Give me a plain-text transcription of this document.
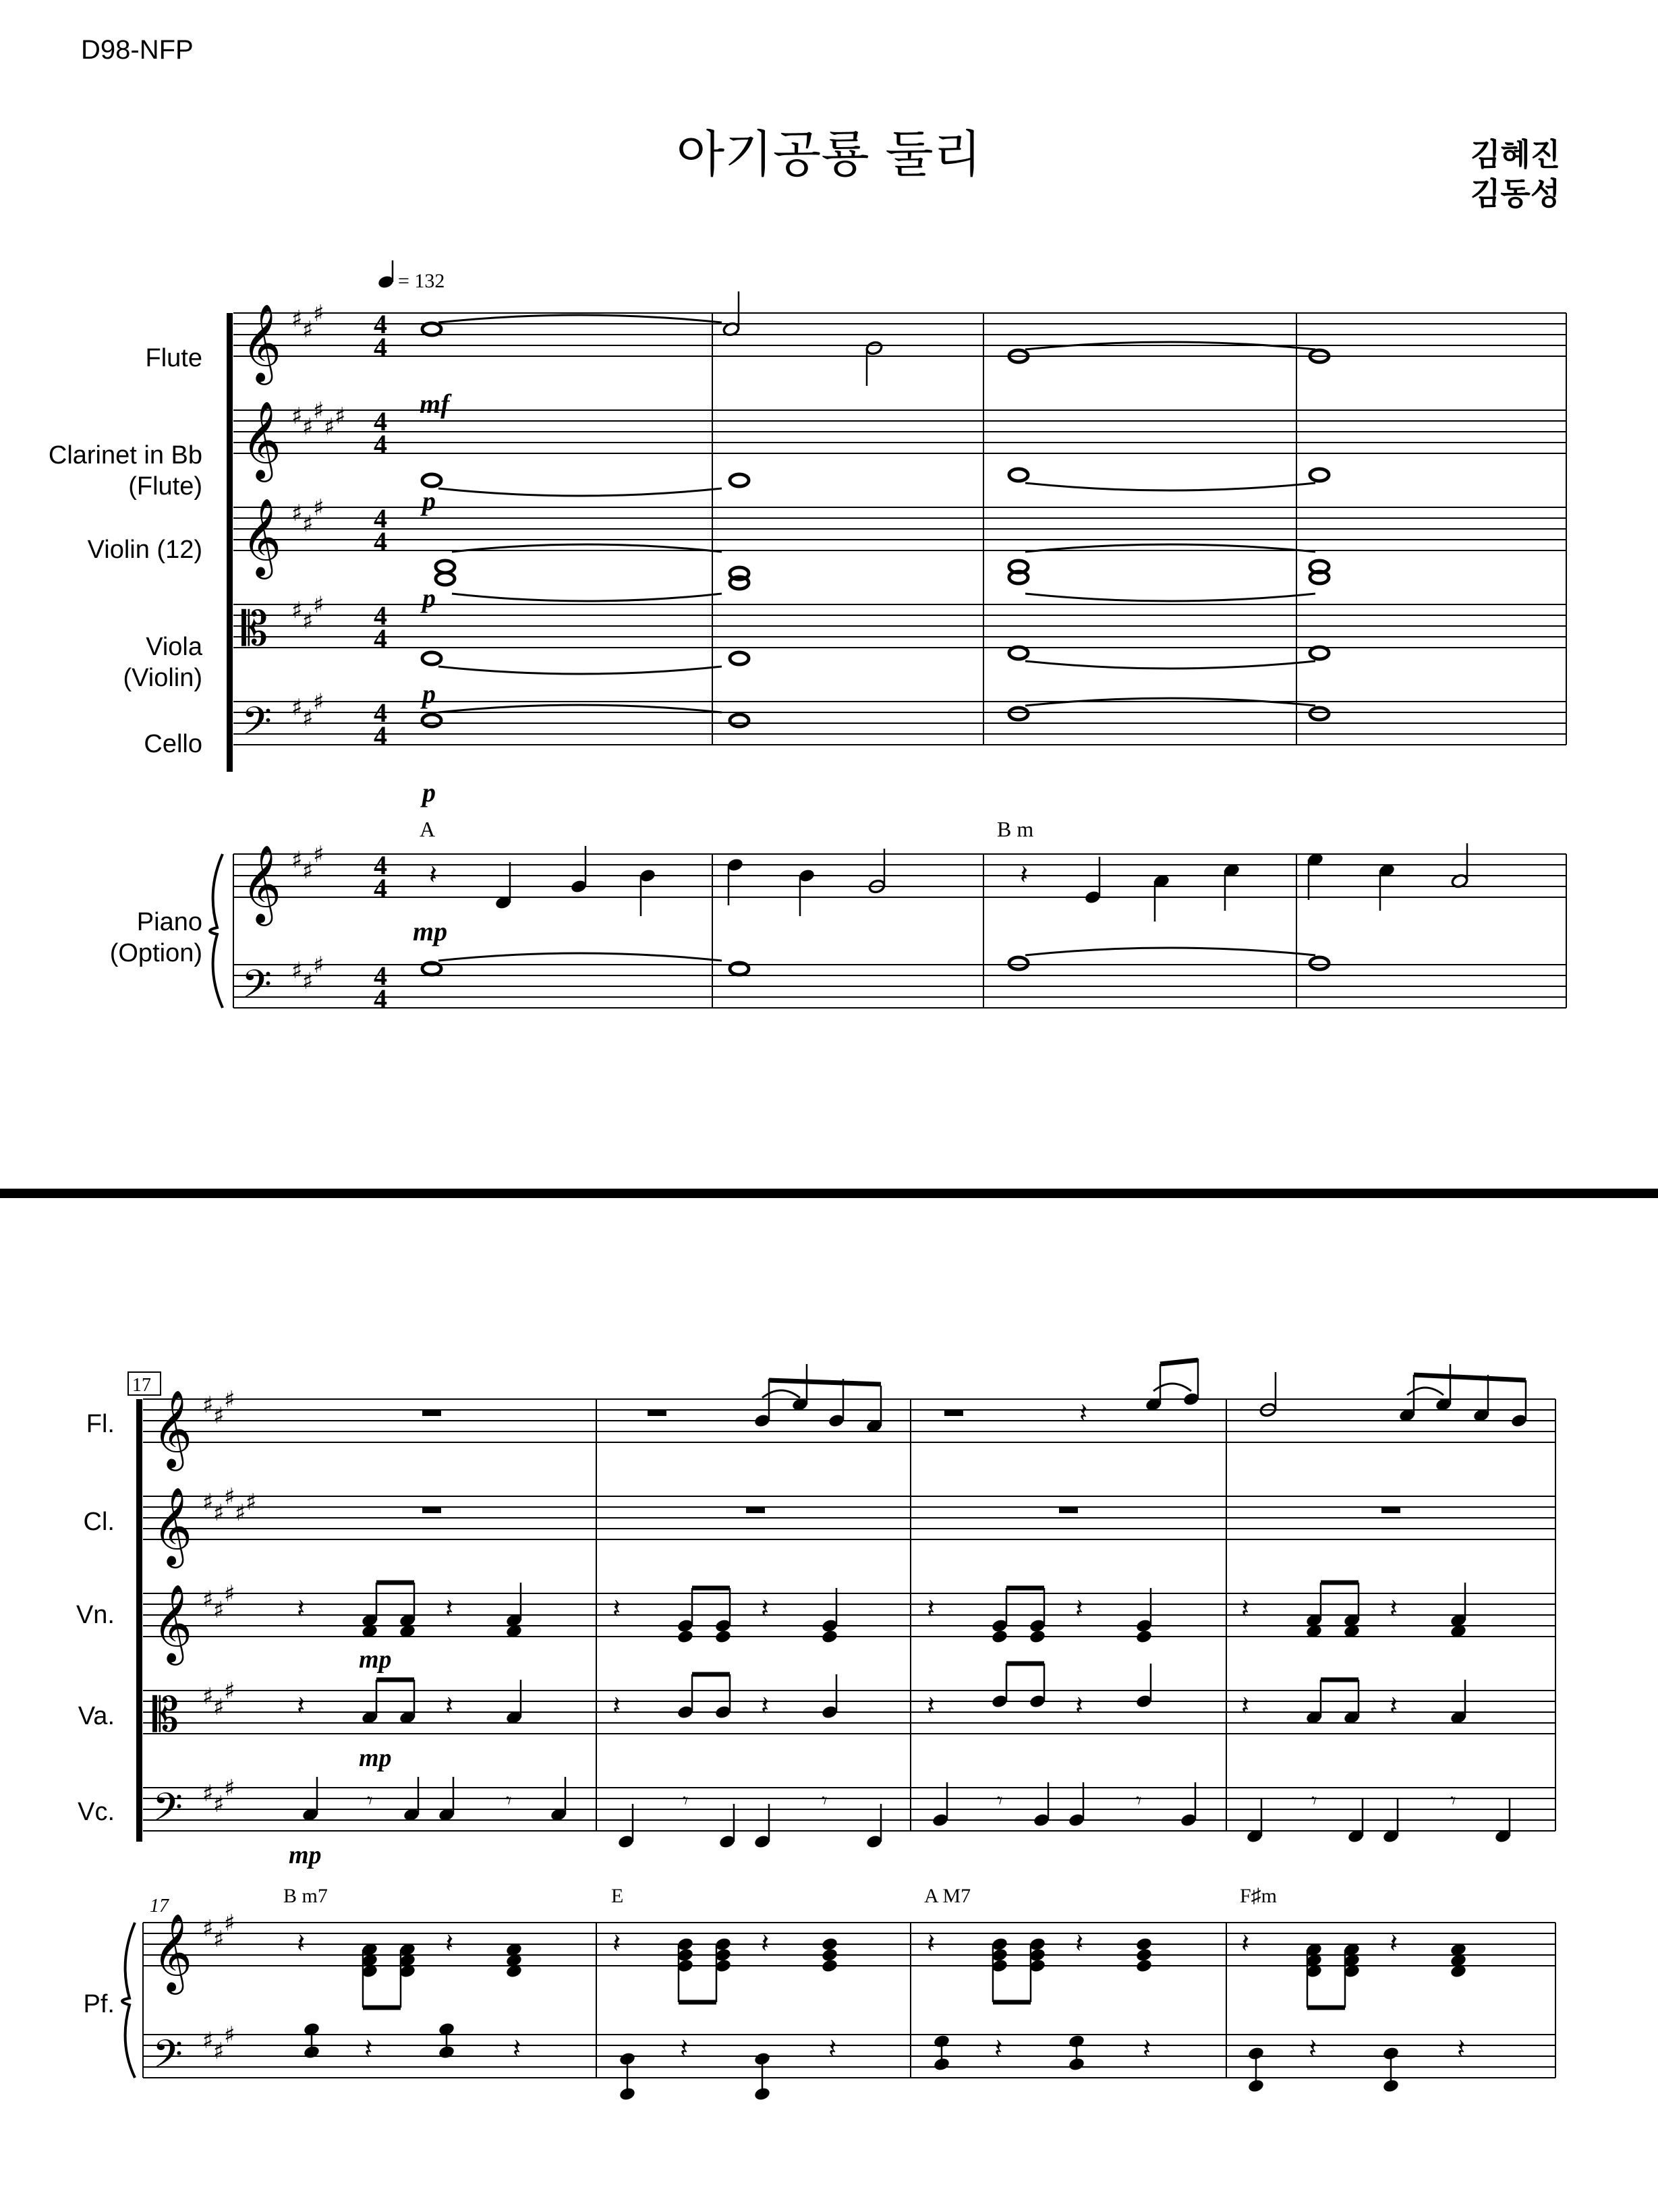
D98-NFP
아기공룡 둘리	김혜진
김동성
Flute
Clarinet in Bb
(Flute)
Violin (12)
Viola
(Violin)
Cello
Piano
(Option)
Fl.
Cl.
Vn.
Va.
Vc.
Pf.
𝄽	𝄽
𝄽
𝄽	𝄽	𝄽	𝄽	𝄽	𝄽	𝄽	𝄽
𝄽	𝄽	𝄽	𝄽	𝄽	𝄽	𝄽	𝄽
𝄾	♪	𝄾	𝄾
♪
𝄾	𝄾	♪	𝄾	𝄾	♪	𝄾
𝄽	𝄽	𝄽	𝄽	𝄽	𝄽	𝄽	𝄽
𝄽	𝄽	𝄽	𝄽	𝄽	𝄽	𝄽	𝄽
𝄞 ♯ ♯
♯ 4
4
𝄞 ♯ ♯
♯
♯ ♯ 4
4
𝄞 ♯ ♯
♯ 4
4
𝄡 ♯ ♯
♯ 4
4
𝄢 ♯ ♯
♯ 4
4
𝄞 ♯ ♯
♯ 4
4
𝄢 ♯ ♯
♯ 4
4
= 132
mf
p
p
p
p
mp
A	B m
17
17
𝄞 ♯ ♯
♯
𝄞 ♯ ♯
♯
♯ ♯
𝄞 ♯ ♯
♯
𝄡 ♯ ♯
♯
𝄢 ♯ ♯
♯
𝄞 ♯ ♯
♯
𝄢 ♯ ♯
♯
mp
mp
mp
B m7	E	A M7	F♯m
